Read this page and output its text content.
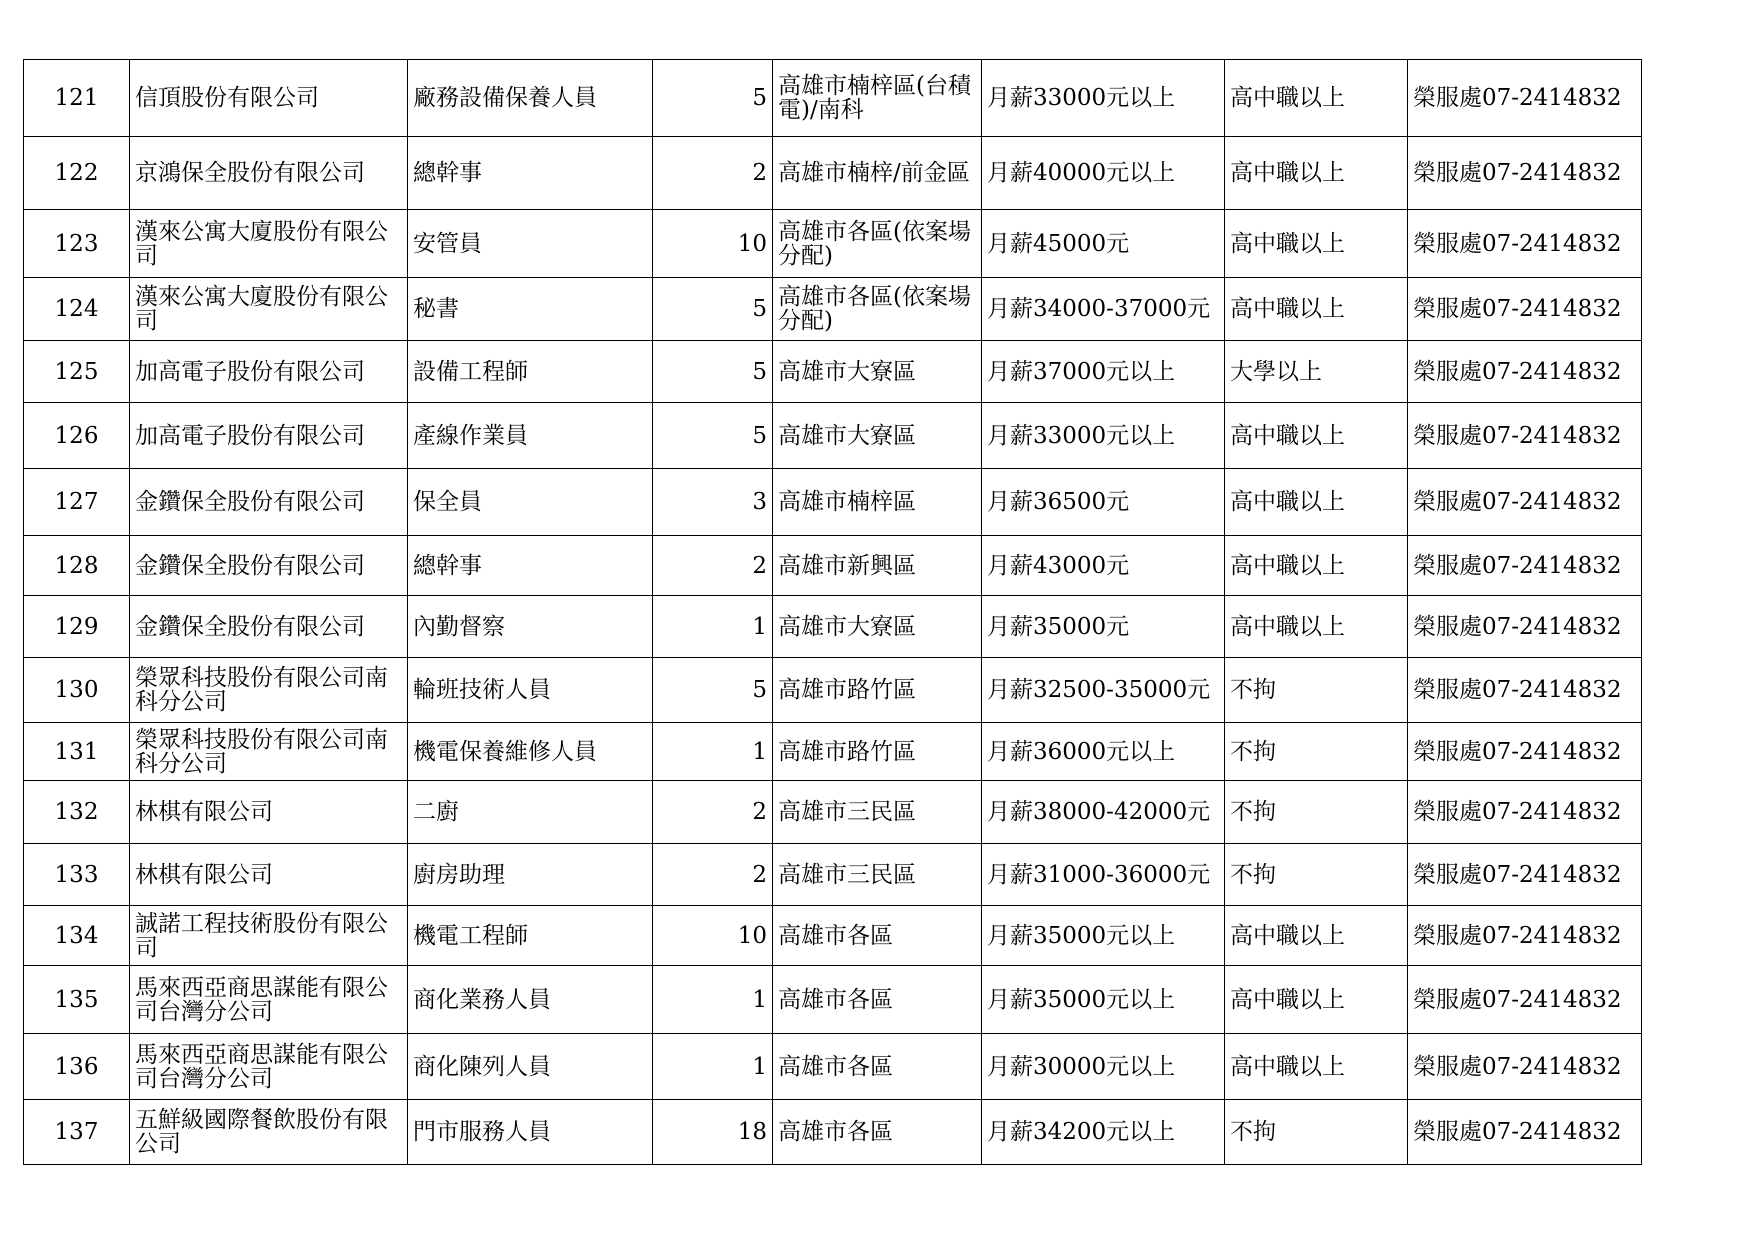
121	信頂股份有限公司	廠務設備保養人員	5	高雄市楠梓區(台積電)/南科	月薪33000元以上	高中職以上	榮服處07-2414832
122	京鴻保全股份有限公司	總幹事	2	高雄市楠梓/前金區	月薪40000元以上	高中職以上	榮服處07-2414832
123	漢來公寓大廈股份有限公司	安管員	10	高雄市各區(依案場分配)	月薪45000元	高中職以上	榮服處07-2414832
124	漢來公寓大廈股份有限公司	秘書	5	高雄市各區(依案場分配)	月薪34000-37000元	高中職以上	榮服處07-2414832
125	加高電子股份有限公司	設備工程師	5	高雄市大寮區	月薪37000元以上	大學以上	榮服處07-2414832
126	加高電子股份有限公司	產線作業員	5	高雄市大寮區	月薪33000元以上	高中職以上	榮服處07-2414832
127	金鑽保全股份有限公司	保全員	3	高雄市楠梓區	月薪36500元	高中職以上	榮服處07-2414832
128	金鑽保全股份有限公司	總幹事	2	高雄市新興區	月薪43000元	高中職以上	榮服處07-2414832
129	金鑽保全股份有限公司	內勤督察	1	高雄市大寮區	月薪35000元	高中職以上	榮服處07-2414832
130	榮眾科技股份有限公司南科分公司	輪班技術人員	5	高雄市路竹區	月薪32500-35000元	不拘	榮服處07-2414832
131	榮眾科技股份有限公司南科分公司	機電保養維修人員	1	高雄市路竹區	月薪36000元以上	不拘	榮服處07-2414832
132	林棋有限公司	二廚	2	高雄市三民區	月薪38000-42000元	不拘	榮服處07-2414832
133	林棋有限公司	廚房助理	2	高雄市三民區	月薪31000-36000元	不拘	榮服處07-2414832
134	誠諾工程技術股份有限公司	機電工程師	10	高雄市各區	月薪35000元以上	高中職以上	榮服處07-2414832
135	馬來西亞商思謀能有限公司台灣分公司	商化業務人員	1	高雄市各區	月薪35000元以上	高中職以上	榮服處07-2414832
136	馬來西亞商思謀能有限公司台灣分公司	商化陳列人員	1	高雄市各區	月薪30000元以上	高中職以上	榮服處07-2414832
137	五鮮級國際餐飲股份有限公司	門市服務人員	18	高雄市各區	月薪34200元以上	不拘	榮服處07-2414832
